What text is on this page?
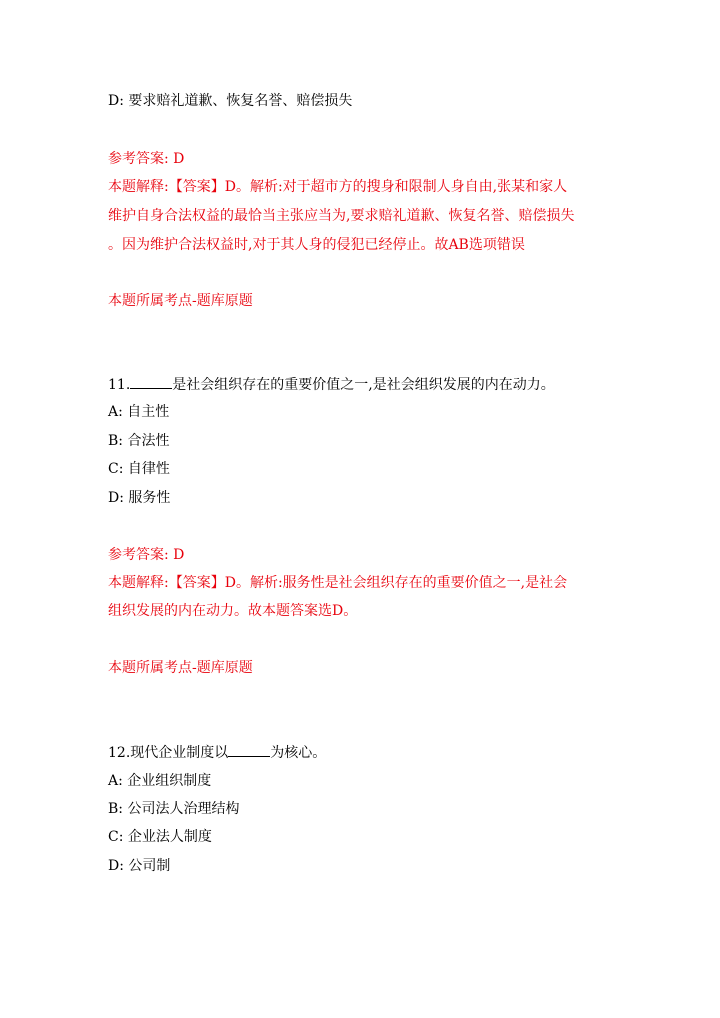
D: 要求赔礼道歉、恢复名誉、赔偿损失
参考答案: D
本题解释:【答案】D。解析:对于超市方的搜身和限制人身自由,张某和家人
维护自身合法权益的最恰当主张应当为,要求赔礼道歉、恢复名誉、赔偿损失
。因为维护合法权益时,对于其人身的侵犯已经停止。故AB选项错误
本题所属考点-题库原题
11.	是社会组织存在的重要价值之一,是社会组织发展的内在动力。
A: 自主性
B: 合法性
C: 自律性
D: 服务性
参考答案: D
本题解释:【答案】D。解析:服务性是社会组织存在的重要价值之一,是社会
组织发展的内在动力。故本题答案选D。
本题所属考点-题库原题
12.现代企业制度以	为核心。
A: 企业组织制度
B: 公司法人治理结构
C: 企业法人制度
D: 公司制
